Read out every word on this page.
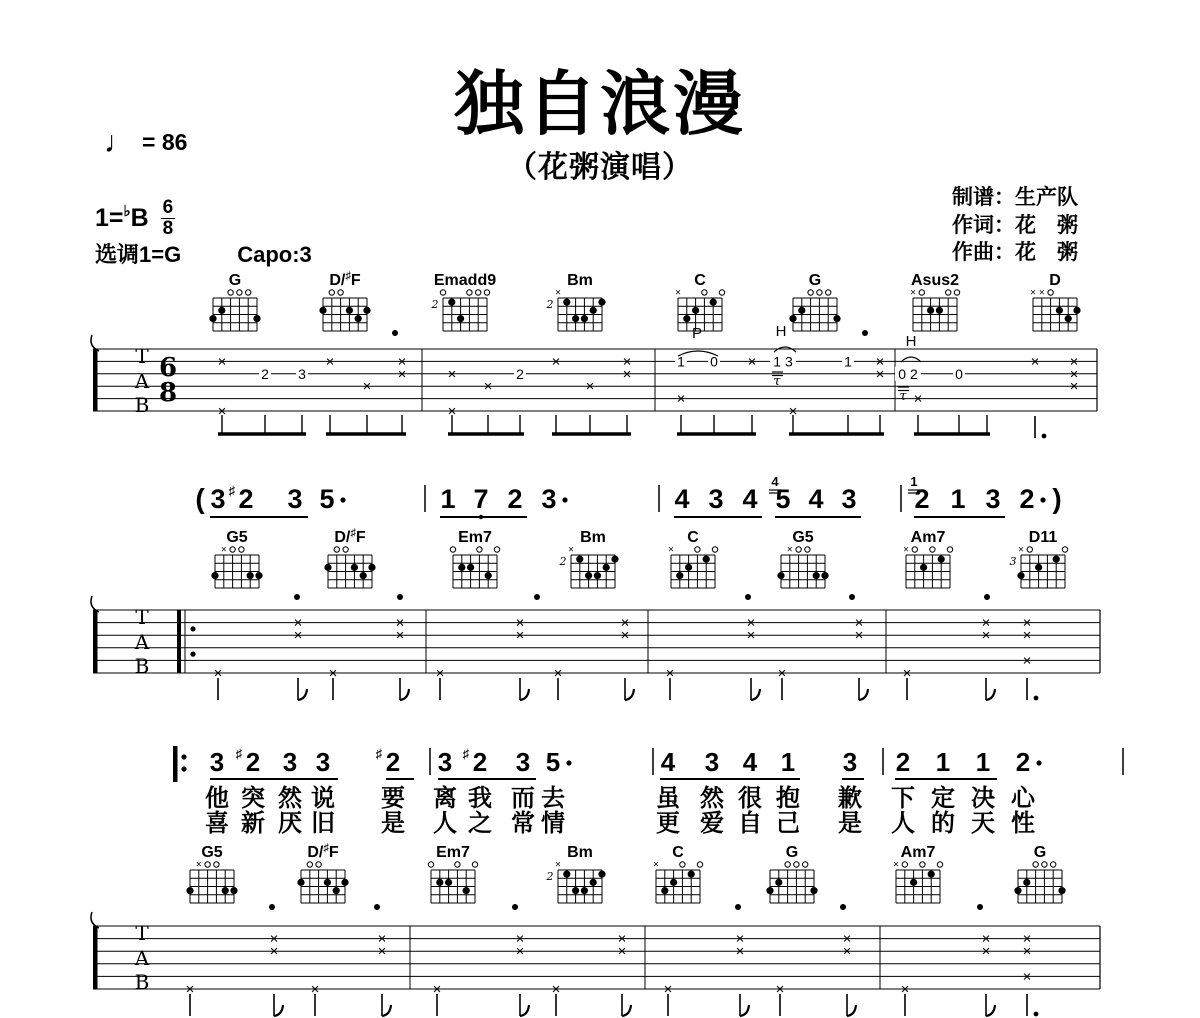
独自浪漫
（花粥演唱）
♩ = 86
$1=^♭B \frac{6}{8}$
选调1=G	Capo:3
制谱：生产队
作词：花　粥
作曲：花　粥
G	D/♯F	Emadd9
2
Bm
2
×
C
×
G	Asus2
×
D
× ×
G5
×
D/♯F	Em7	Bm
2
×
C
×
G5
×
Am7
×
D11
3
×
G5
×
D/♯F	Em7	Bm
2
×
C
×
G	Am7
×
G
( 3 2
♯ 3 5	1 7 2 3	4 3 4 5
4
4 3 2
1
1 3 2 )
3 2
♯ 3 3 2
♯ 3 2
♯ 3 5	4 3 4 1 3 2 1 1 2
他 突 然 说 要 离 我 而 去	虽 然 很 抱 歉 下 定 决 心
喜 新 厌 旧 是 人 之 常 情	更 爱 自 己 是 人 的 天 性
T
A
B
6
8
×
×
2 3
×
×
×
×	×
×
×
2
×
×
×
×
1
×
0 × 1 3
×
1 ×
× 0 2
×
0
× ×
×
×
P	H
H
τ
τ
T
A
B	×
×
×
×
×
×
×
×
×
×
×
×
×
×
×
×
×
×
×
×
×
×
×
×
T
A
B ×
×
×
×
×
×
×
×
×
×
×
×
×
×
×
×
×
×
×
×
×
×
×
×
